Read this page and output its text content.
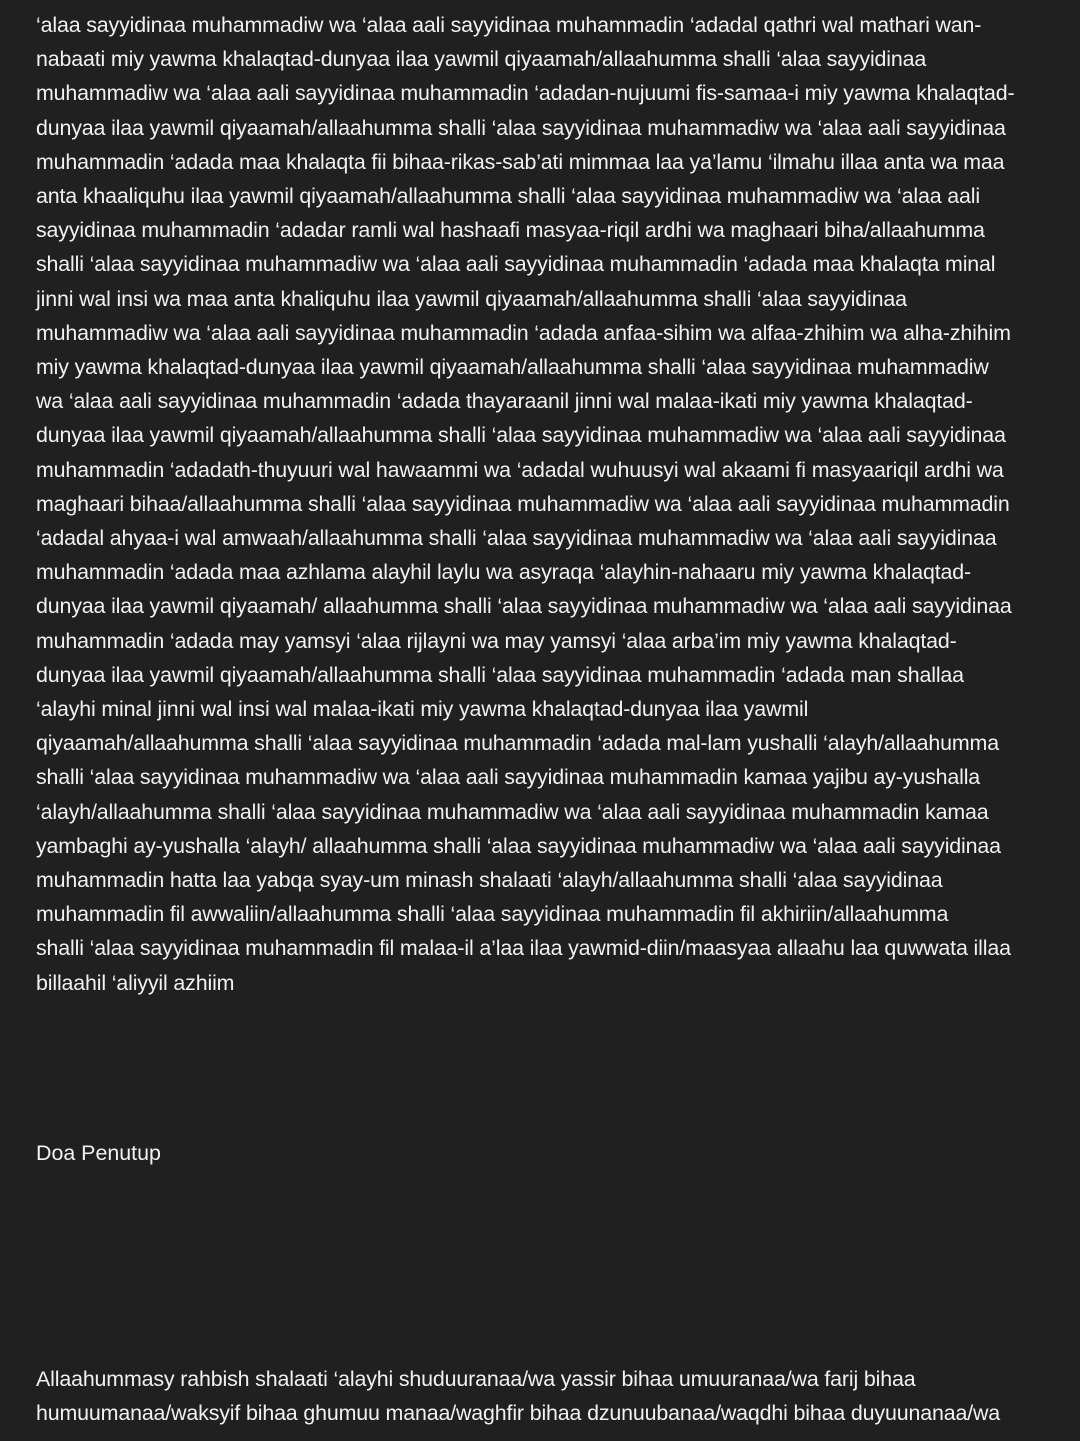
‘alaa sayyidinaa muhammadiw wa ‘alaa aali sayyidinaa muhammadin ‘adadal qathri wal mathari wan-
nabaati miy yawma khalaqtad-dunyaa ilaa yawmil qiyaamah/allaahumma shalli ‘alaa sayyidinaa
muhammadiw wa ‘alaa aali sayyidinaa muhammadin ‘adadan-nujuumi fis-samaa-i miy yawma khalaqtad-
dunyaa ilaa yawmil qiyaamah/allaahumma shalli ‘alaa sayyidinaa muhammadiw wa ‘alaa aali sayyidinaa
muhammadin ‘adada maa khalaqta fii bihaa-rikas-sab’ati mimmaa laa ya’lamu ‘ilmahu illaa anta wa maa
anta khaaliquhu ilaa yawmil qiyaamah/allaahumma shalli ‘alaa sayyidinaa muhammadiw wa ‘alaa aali
sayyidinaa muhammadin ‘adadar ramli wal hashaafi masyaa-riqil ardhi wa maghaari biha/allaahumma
shalli ‘alaa sayyidinaa muhammadiw wa ‘alaa aali sayyidinaa muhammadin ‘adada maa khalaqta minal
jinni wal insi wa maa anta khaliquhu ilaa yawmil qiyaamah/allaahumma shalli ‘alaa sayyidinaa
muhammadiw wa ‘alaa aali sayyidinaa muhammadin ‘adada anfaa-sihim wa alfaa-zhihim wa alha-zhihim
miy yawma khalaqtad-dunyaa ilaa yawmil qiyaamah/allaahumma shalli ‘alaa sayyidinaa muhammadiw
wa ‘alaa aali sayyidinaa muhammadin ‘adada thayaraanil jinni wal malaa-ikati miy yawma khalaqtad-
dunyaa ilaa yawmil qiyaamah/allaahumma shalli ‘alaa sayyidinaa muhammadiw wa ‘alaa aali sayyidinaa
muhammadin ‘adadath-thuyuuri wal hawaammi wa ‘adadal wuhuusyi wal akaami fi masyaariqil ardhi wa
maghaari bihaa/allaahumma shalli ‘alaa sayyidinaa muhammadiw wa ‘alaa aali sayyidinaa muhammadin
‘adadal ahyaa-i wal amwaah/allaahumma shalli ‘alaa sayyidinaa muhammadiw wa ‘alaa aali sayyidinaa
muhammadin ‘adada maa azhlama alayhil laylu wa asyraqa ‘alayhin-nahaaru miy yawma khalaqtad-
dunyaa ilaa yawmil qiyaamah/ allaahumma shalli ‘alaa sayyidinaa muhammadiw wa ‘alaa aali sayyidinaa
muhammadin ‘adada may yamsyi ‘alaa rijlayni wa may yamsyi ‘alaa arba’im miy yawma khalaqtad-
dunyaa ilaa yawmil qiyaamah/allaahumma shalli ‘alaa sayyidinaa muhammadin ‘adada man shallaa
‘alayhi minal jinni wal insi wal malaa-ikati miy yawma khalaqtad-dunyaa ilaa yawmil
qiyaamah/allaahumma shalli ‘alaa sayyidinaa muhammadin ‘adada mal-lam yushalli ‘alayh/allaahumma
shalli ‘alaa sayyidinaa muhammadiw wa ‘alaa aali sayyidinaa muhammadin kamaa yajibu ay-yushalla
‘alayh/allaahumma shalli ‘alaa sayyidinaa muhammadiw wa ‘alaa aali sayyidinaa muhammadin kamaa
yambaghi ay-yushalla ‘alayh/ allaahumma shalli ‘alaa sayyidinaa muhammadiw wa ‘alaa aali sayyidinaa
muhammadin hatta laa yabqa syay-um minash shalaati ‘alayh/allaahumma shalli ‘alaa sayyidinaa
muhammadin fil awwaliin/allaahumma shalli ‘alaa sayyidinaa muhammadin fil akhiriin/allaahumma
shalli ‘alaa sayyidinaa muhammadin fil malaa-il a’laa ilaa yawmid-diin/maasyaa allaahu laa quwwata illaa
billaahil ‘aliyyil azhiim

Doa Penutup

Allaahummasy rahbish shalaati ‘alayhi shuduuranaa/wa yassir bihaa umuuranaa/wa farij bihaa
humuumanaa/waksyif bihaa ghumuu manaa/waghfir bihaa dzunuubanaa/waqdhi bihaa duyuunanaa/wa
